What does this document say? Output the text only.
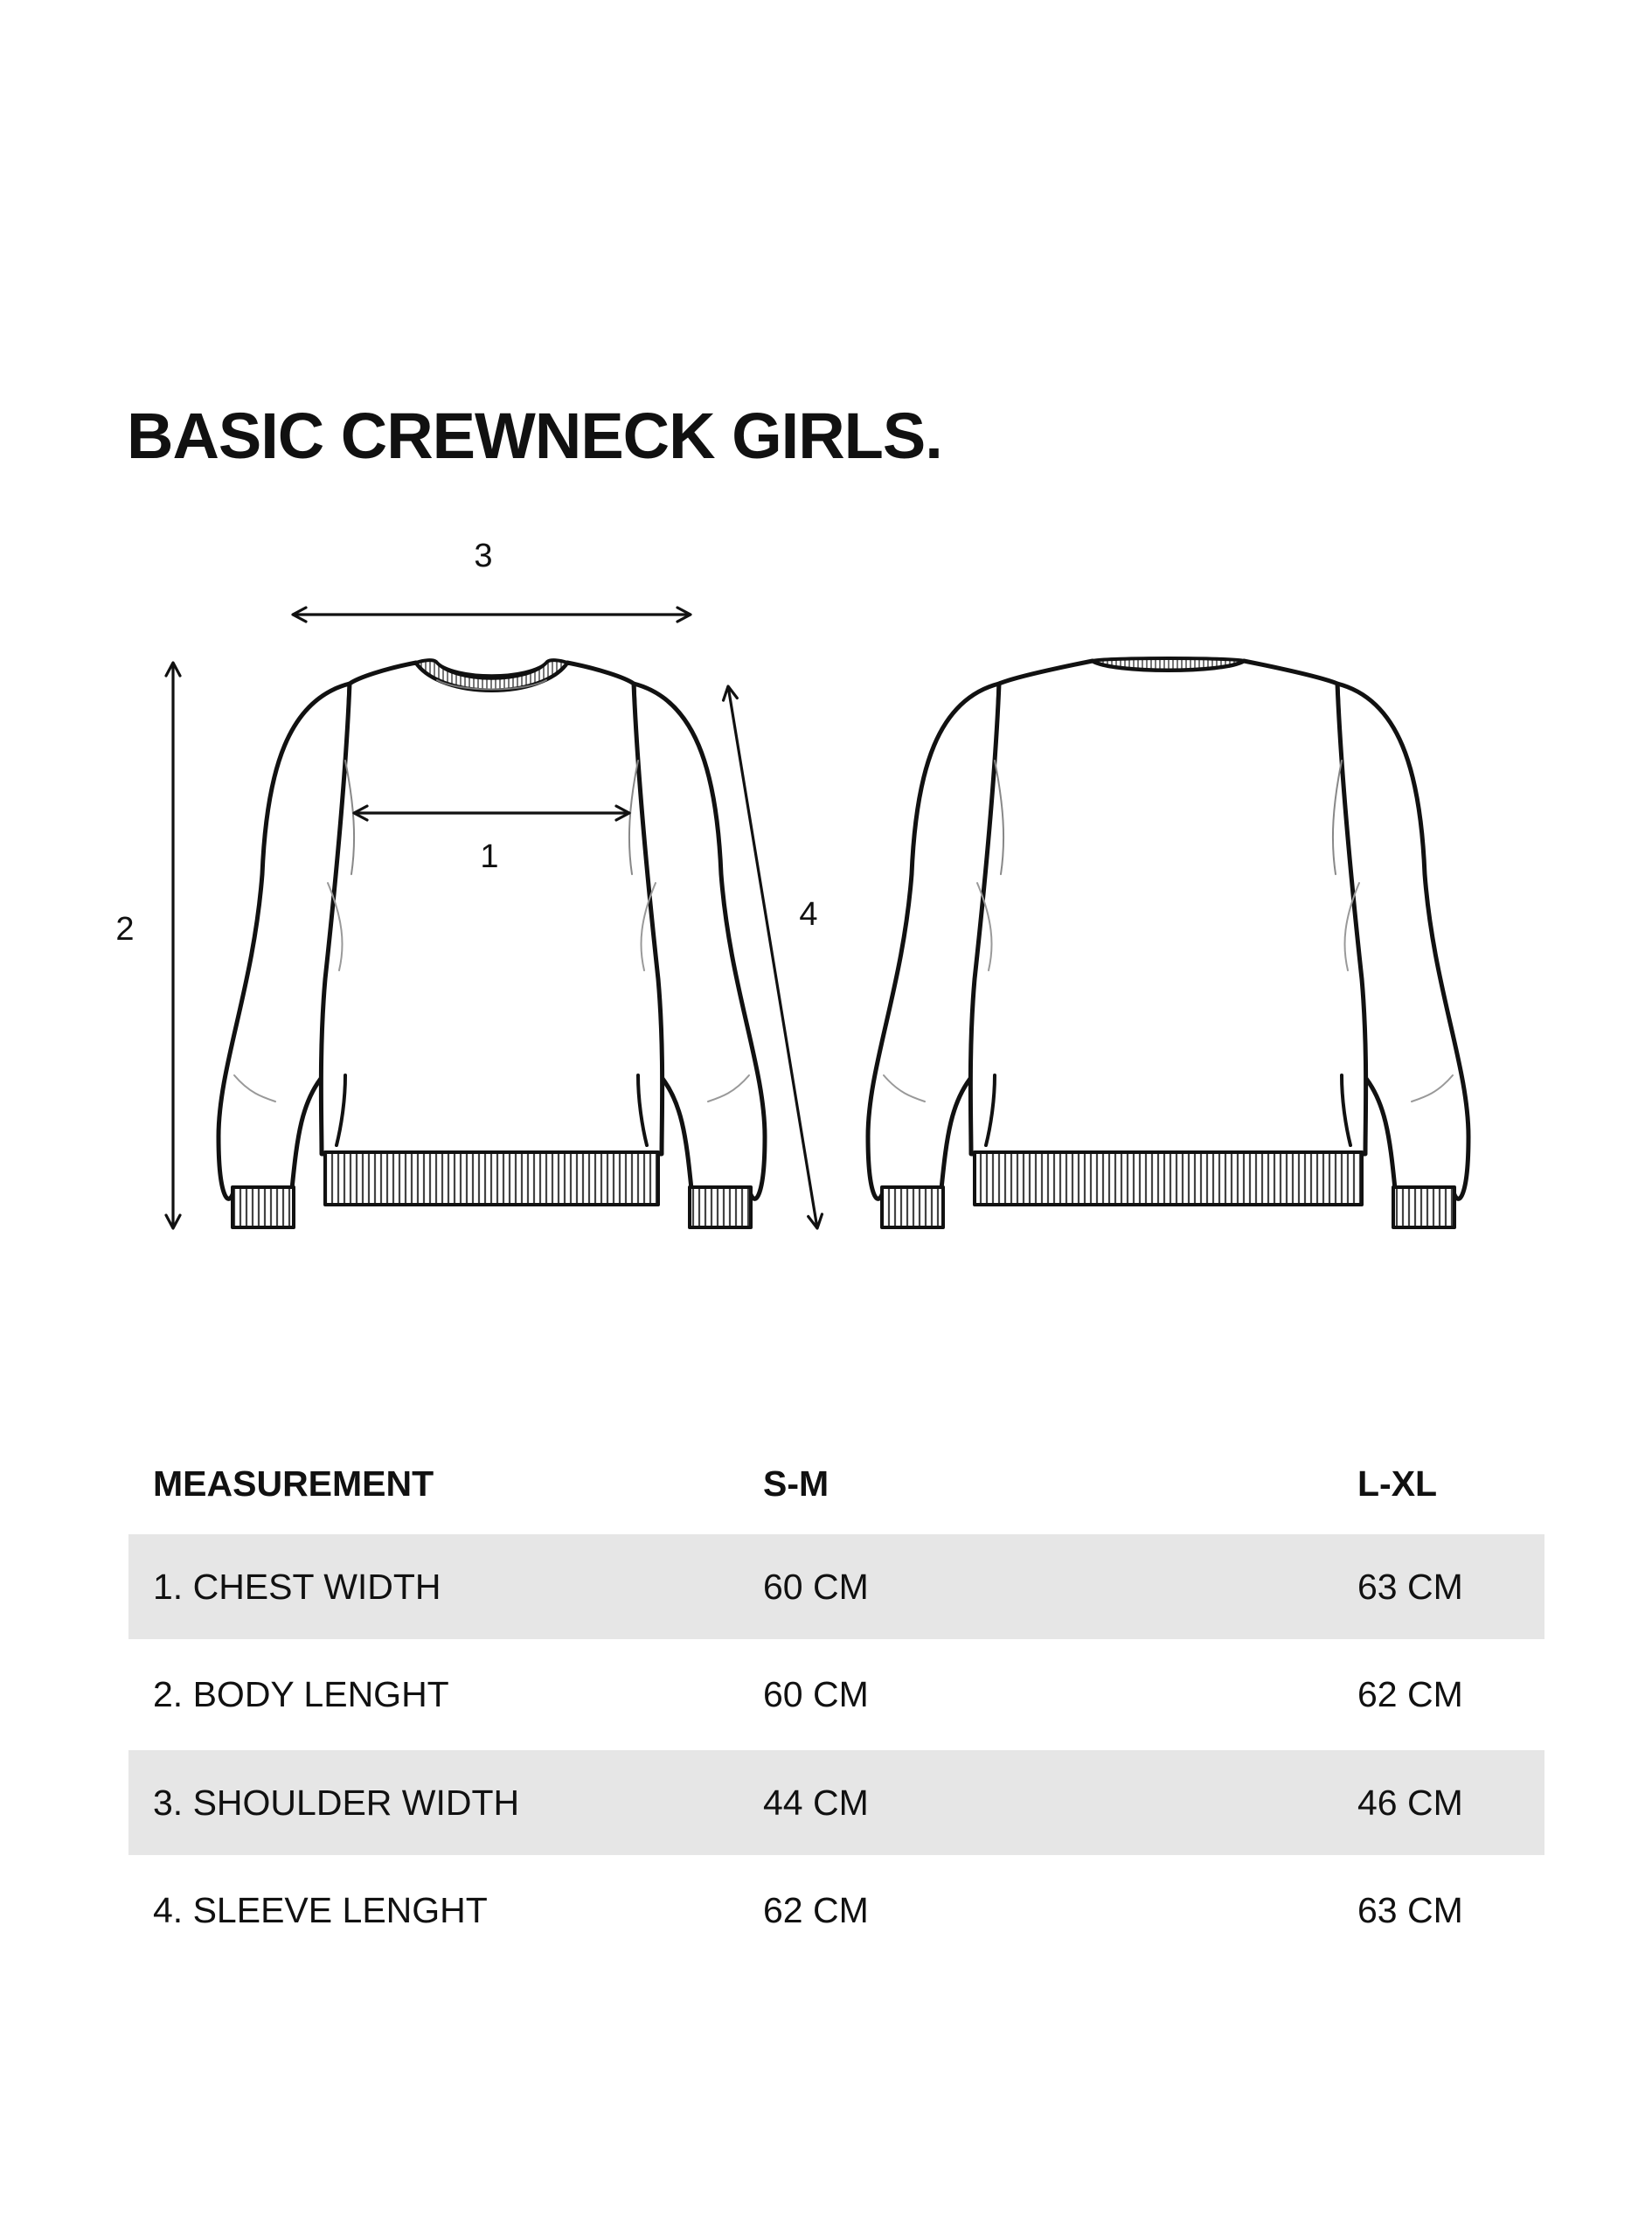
BASIC CREWNECK GIRLS.
3
1
2	4
MEASUREMENT	S-M	L-XL
1. CHEST WIDTH	60 CM	63 CM
2. BODY LENGHT	60 CM	62 CM
3. SHOULDER WIDTH	44 CM	46 CM
4. SLEEVE LENGHT	62 CM	63 CM
